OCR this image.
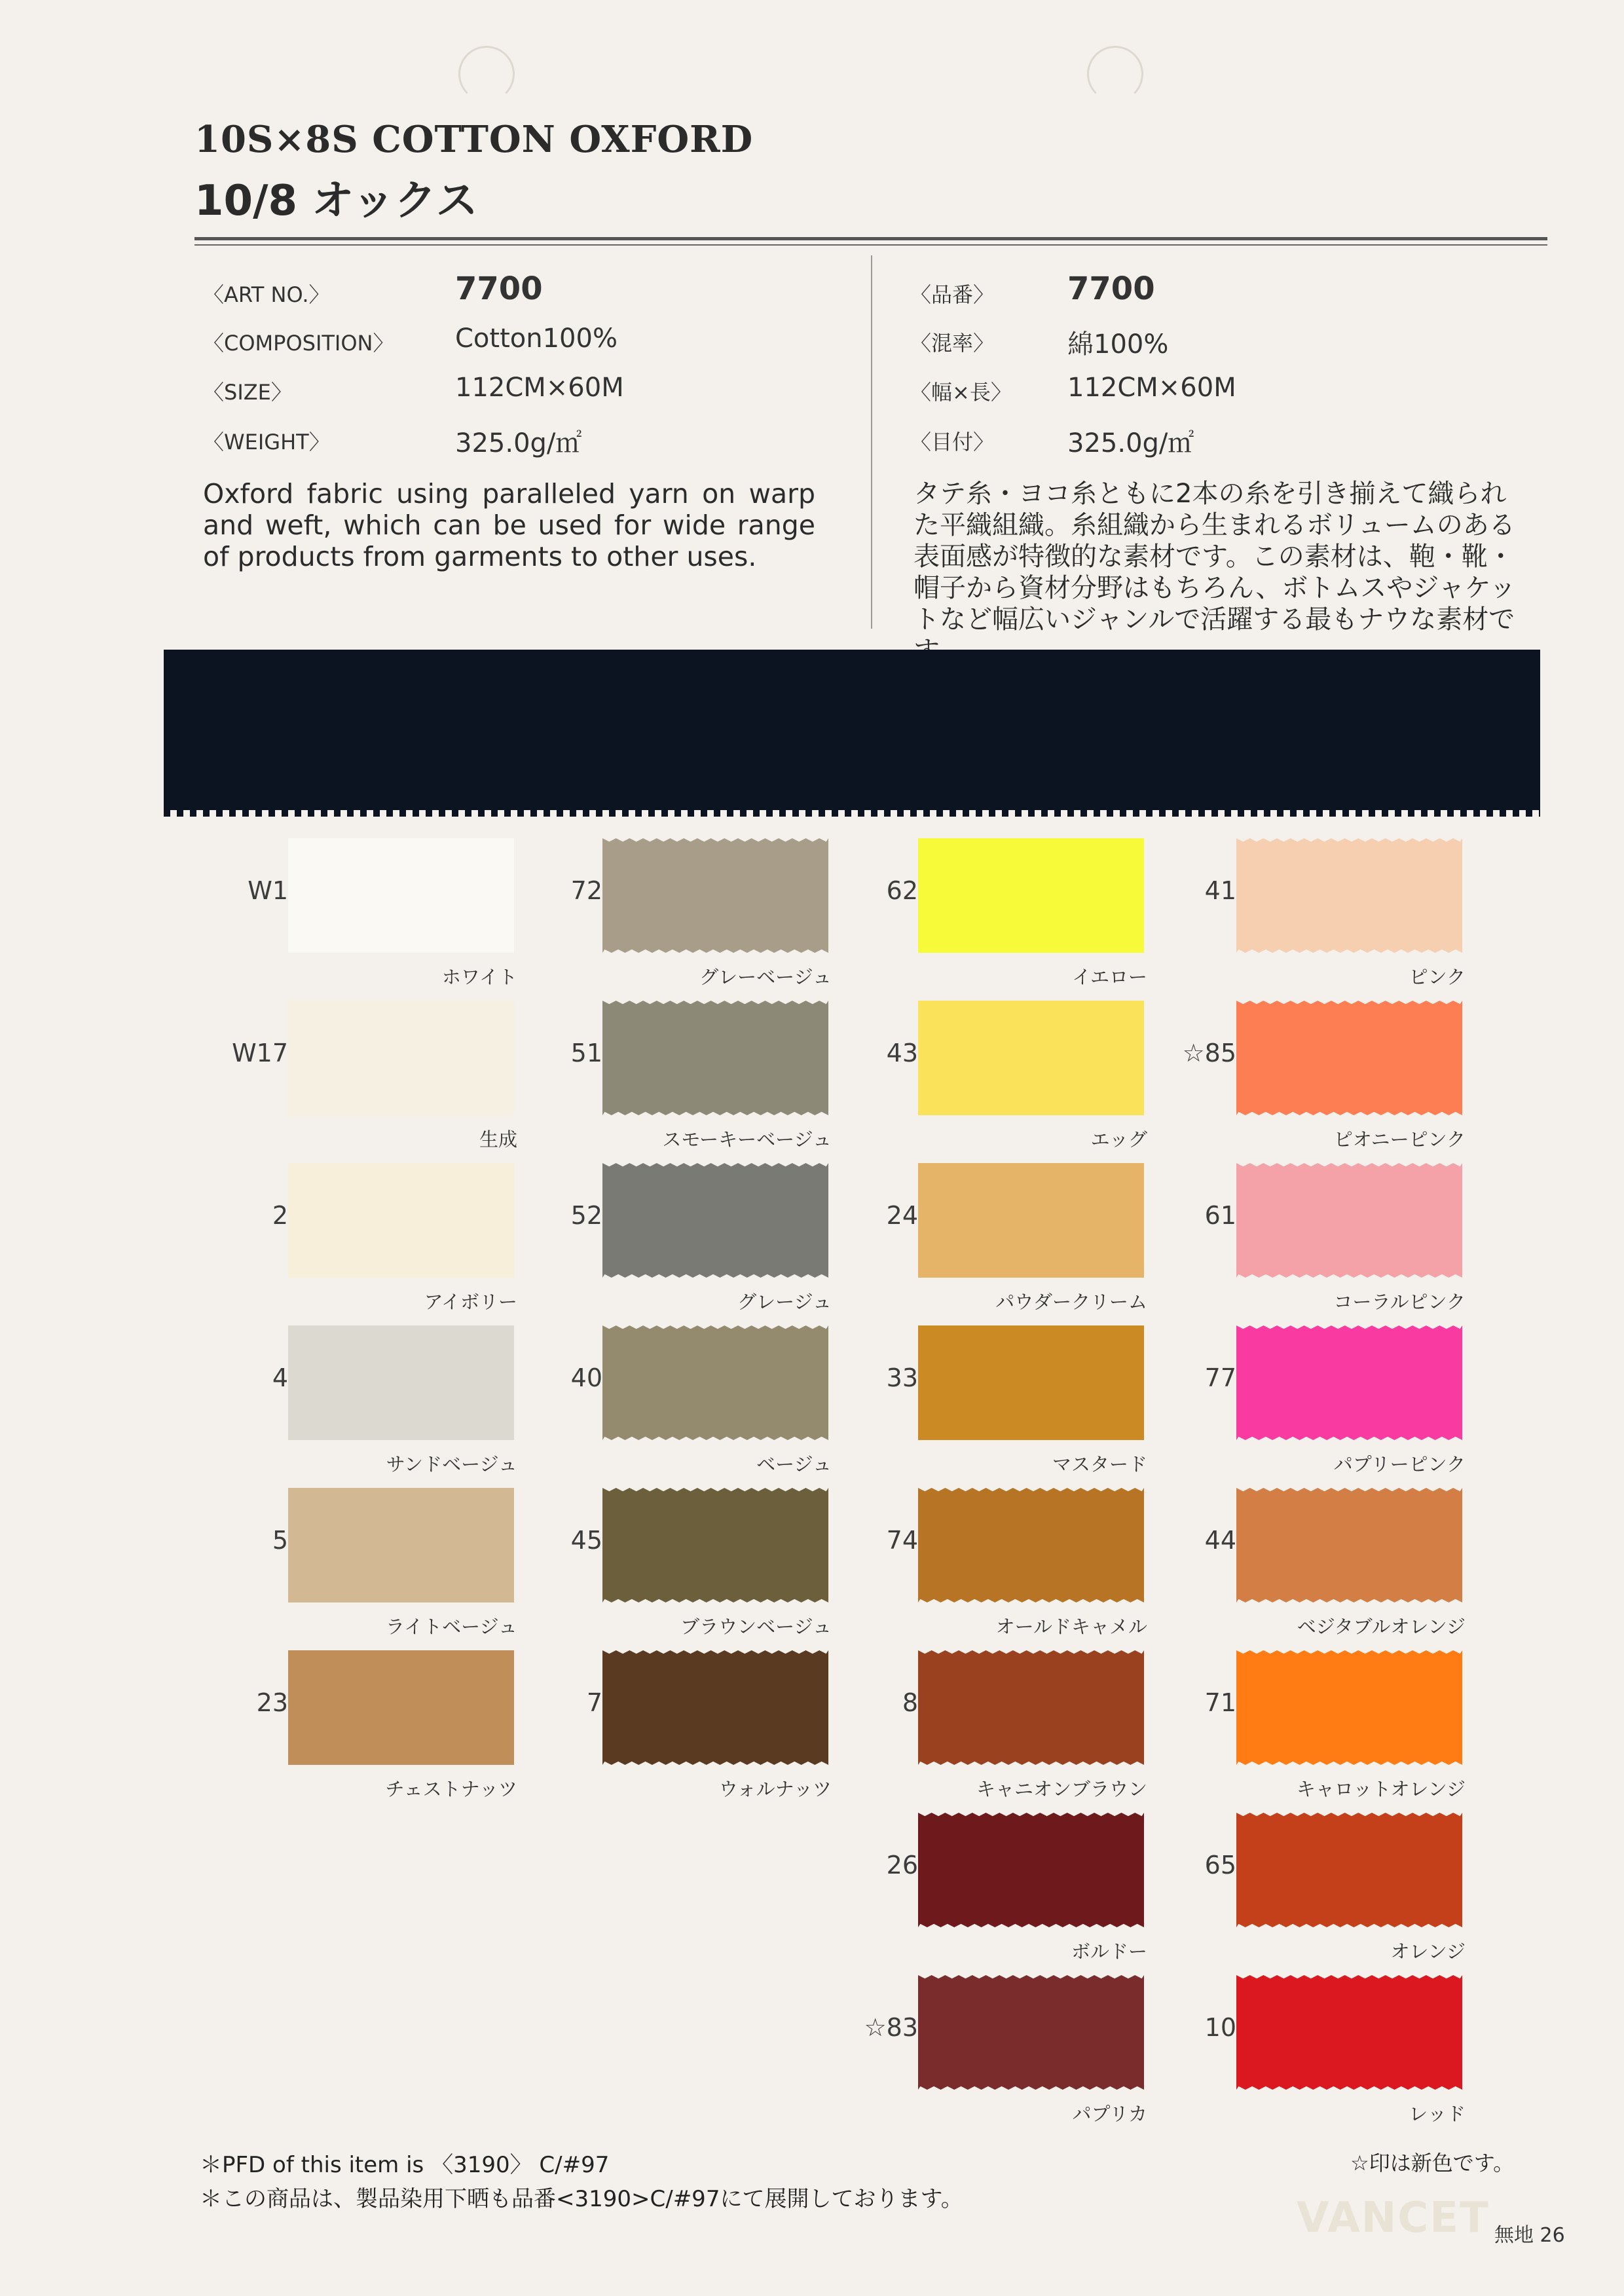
10S×8S COTTON OXFORD
10/8 オックス
〈ART NO.〉	7700
〈COMPOSITION〉 Cotton100%
〈SIZE〉	112CM×60M
〈WEIGHT〉	325.0g/㎡
〈品番〉 7700
〈混率〉	綿100%
〈幅×長〉 112CM×60M
〈目付〉	325.0g/㎡

Oxford fabric using paralleled yarn on warp and weft, which can be used for wide range of products from garments to other uses.

タテ糸・ヨコ糸ともに2本の糸を引き揃えて織られた平織組織。糸組織から生まれるボリュームのある表面感が特徴的な素材です。この素材は、鞄・靴・帽子から資材分野はもちろん、ボトムスやジャケットなど幅広いジャンルで活躍する最もナウな素材で

W1
ホワイト
W17
生成
2
アイボリー
4
サンドベージュ
5
ライトベージュ
23
チェストナッツ
72
グレーベージュ
51
スモーキーベージュ
52
グレージュ
40
ベージュ
45
ブラウンベージュ
7
ウォルナッツ
62
イエロー
43
エッグ
24
パウダークリーム
33
マスタード
74
オールドキャメル
8
キャニオンブラウン
26
ボルドー
☆83
パプリカ
41
ピンク
☆85
ピオニーピンク
61
コーラルピンク
77
パプリーピンク
44
ベジタブルオレンジ
71
キャロットオレンジ
65
オレンジ
10
レッド
＊PFD of this item is 〈3190〉 C/#97
＊この商品は、製品染用下晒も品番<3190>C/#97にて展開しております。
☆印は新色です。
VANCET 無地 26
